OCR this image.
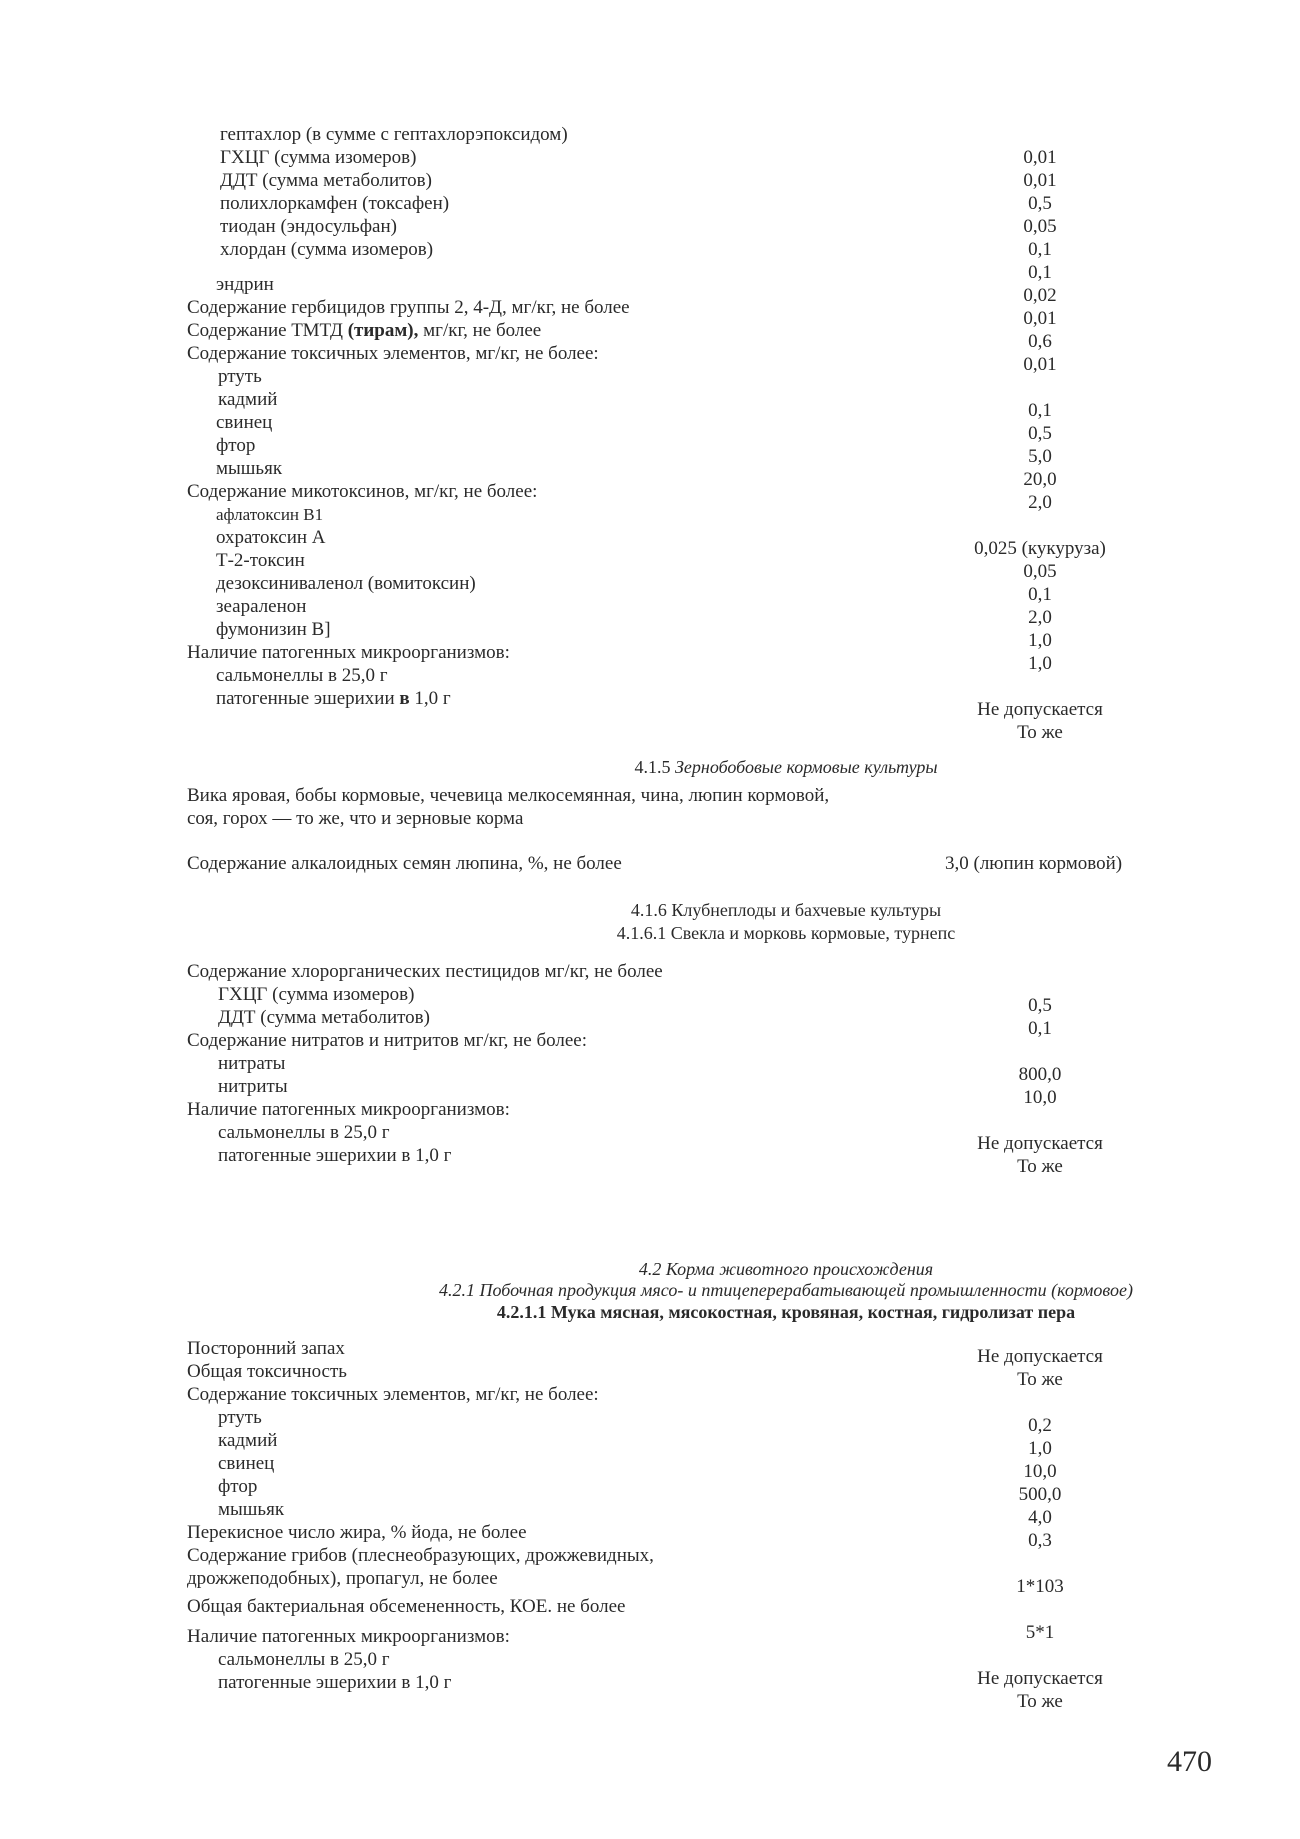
гептахлор (в сумме с гептахлорэпоксидом)
ГХЦГ (сумма изомеров)
ДДТ (сумма метаболитов)
полихлоркамфен (токсафен)
тиодан (эндосульфан)
хлордан (сумма изомеров)
эндрин
Содержание гербицидов группы 2, 4-Д, мг/кг, не более
Содержание ТМТД (тирам), мг/кг, не более
Содержание токсичных элементов, мг/кг, не более:
ртуть
кадмий
свинец
фтор
мышьяк
Содержание микотоксинов, мг/кг, не более:
афлатоксин В1
охратоксин А
Т-2-токсин
дезоксиниваленол (вомитоксин)
зеараленон
фумонизин В]
Наличие патогенных микроорганизмов:
сальмонеллы в 25,0 г
патогенные эшерихии в 1,0 г
0,01
0,01
0,5
0,05
0,1
0,1
0,02
0,01
0,6
0,01
0,1
0,5
5,0
20,0
2,0
0,025 (кукуруза)
0,05
0,1
2,0
1,0
1,0
Не допускается
То же
4.1.5 Зернобобовые кормовые культуры
Вика яровая, бобы кормовые, чечевица мелкосемянная, чина, люпин кормовой,
соя, горох — то же, что и зерновые корма
Содержание алкалоидных семян люпина, %, не более	3,0 (люпин кормовой)
4.1.6 Клубнеплоды и бахчевые культуры
4.1.6.1 Свекла и морковь кормовые, турнепс
Содержание хлорорганических пестицидов мг/кг, не более
ГХЦГ (сумма изомеров)
ДДТ (сумма метаболитов)
Содержание нитратов и нитритов мг/кг, не более:
нитраты
нитриты
Наличие патогенных микроорганизмов:
сальмонеллы в 25,0 г
патогенные эшерихии в 1,0 г
0,5
0,1
800,0
10,0
Не допускается
То же
4.2 Корма животного происхождения
4.2.1 Побочная продукция мясо- и птицеперерабатывающей промышленности (кормовое)
4.2.1.1 Мука мясная, мясокостная, кровяная, костная, гидролизат пера
Посторонний запах
Общая токсичность
Содержание токсичных элементов, мг/кг, не более:
ртуть
кадмий
свинец
фтор
мышьяк
Перекисное число жира, % йода, не более
Содержание грибов (плеснеобразующих, дрожжевидных,
дрожжеподобных), пропагул, не более
Общая бактериальная обсемененность, КОЕ. не более
Наличие патогенных микроорганизмов:
сальмонеллы в 25,0 г
патогенные эшерихии в 1,0 г
Не допускается
То же
0,2
1,0
10,0
500,0
4,0
0,3
1*103
5*1
Не допускается
То же
470
